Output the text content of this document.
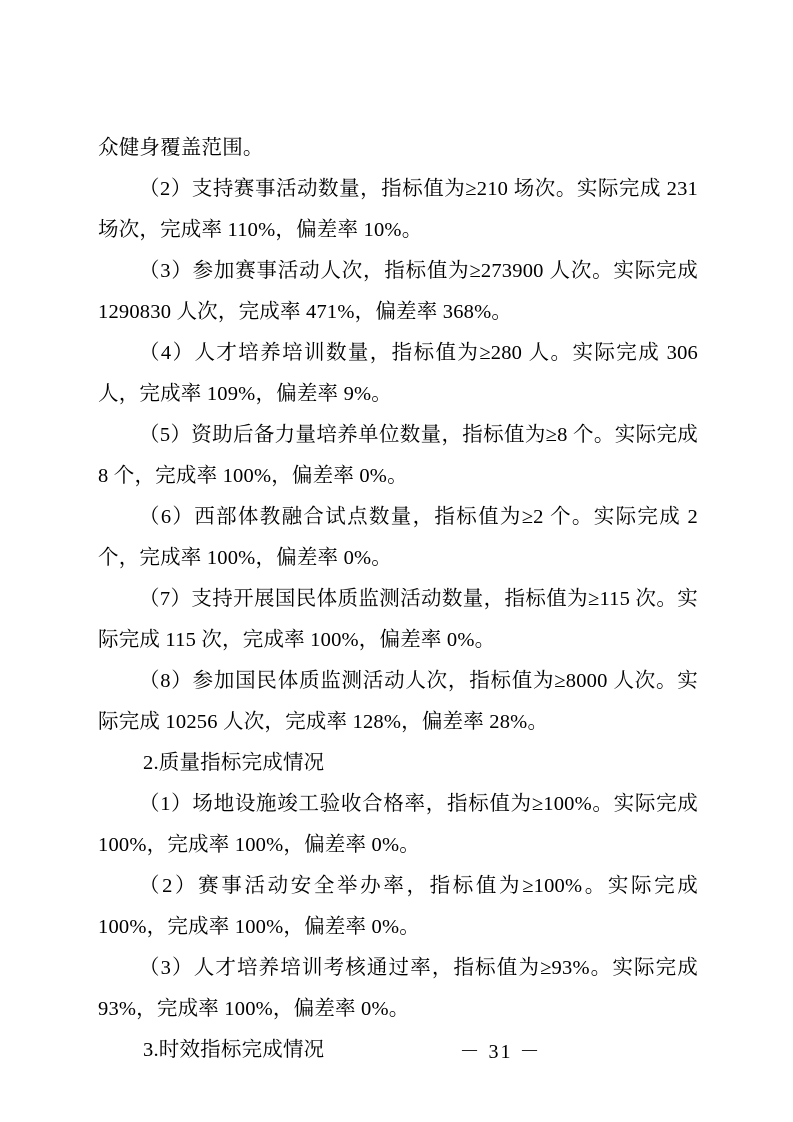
众健身覆盖范围。

（2）支持赛事活动数量，指标值为≥210 场次。实际完成 231 场次，完成率 110%，偏差率 10%。

（3）参加赛事活动人次，指标值为≥273900 人次。实际完成 1290830 人次，完成率 471%，偏差率 368%。

（4）人才培养培训数量，指标值为≥280 人。实际完成 306 人，完成率 109%，偏差率 9%。

（5）资助后备力量培养单位数量，指标值为≥8 个。实际完成 8 个，完成率 100%，偏差率 0%。

（6）西部体教融合试点数量，指标值为≥2 个。实际完成 2 个，完成率 100%，偏差率 0%。

（7）支持开展国民体质监测活动数量，指标值为≥115 次。实际完成 115 次，完成率 100%，偏差率 0%。

（8）参加国民体质监测活动人次，指标值为≥8000 人次。实际完成 10256 人次，完成率 128%，偏差率 28%。

2.质量指标完成情况

（1）场地设施竣工验收合格率，指标值为≥100%。实际完成 100%，完成率 100%，偏差率 0%。

（2）赛事活动安全举办率，指标值为≥100%。实际完成 100%，完成率 100%，偏差率 0%。

（3）人才培养培训考核通过率，指标值为≥93%。实际完成 93%，完成率 100%，偏差率 0%。

3.时效指标完成情况	－ 31 －
